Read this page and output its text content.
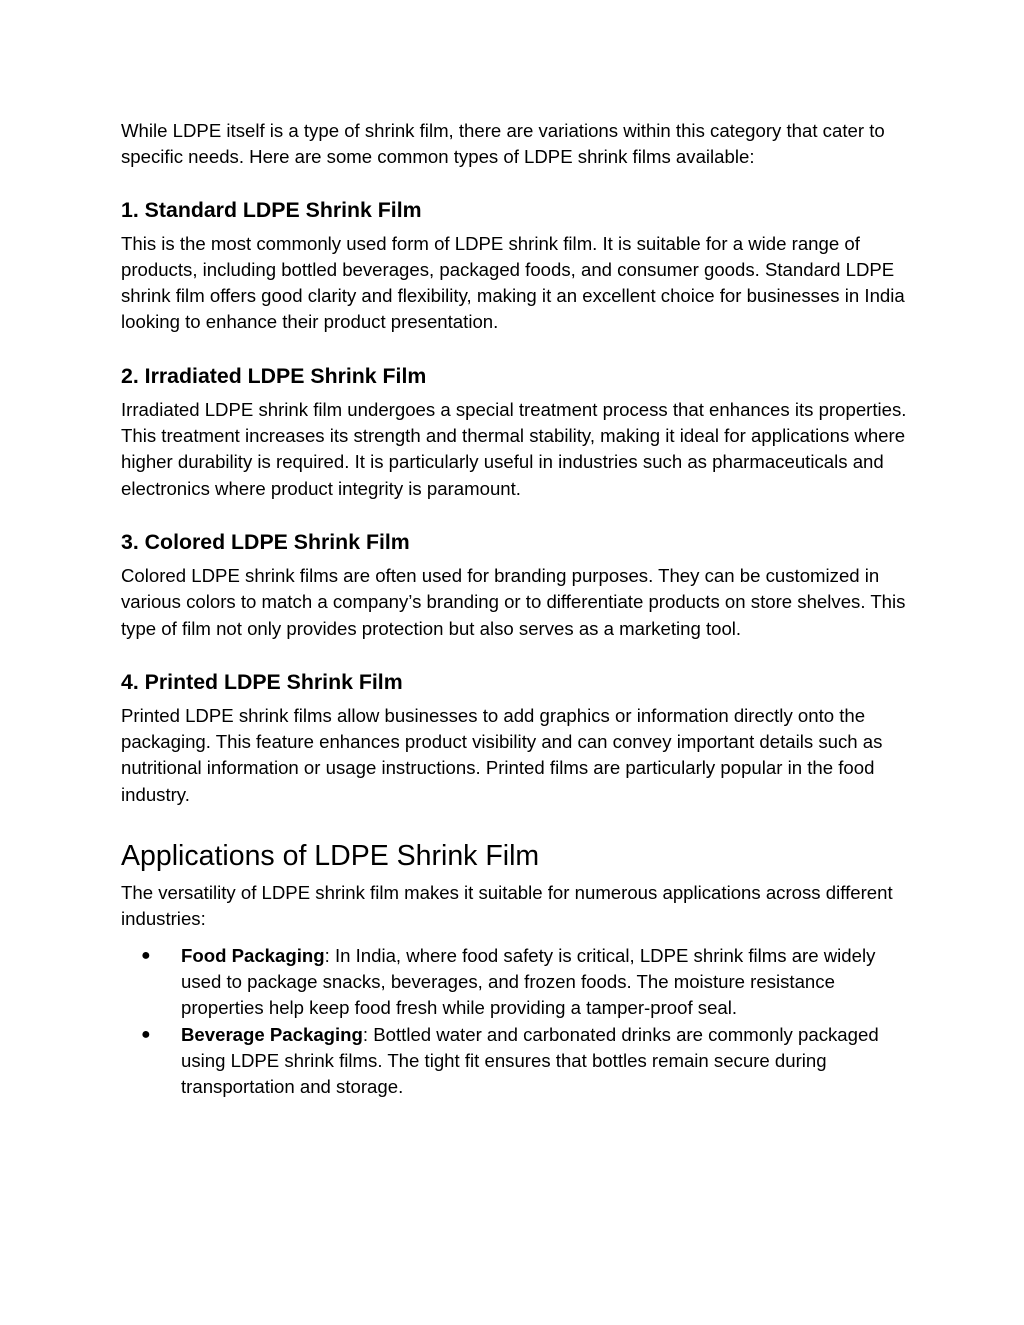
While LDPE itself is a type of shrink film, there are variations within this category that cater to specific needs. Here are some common types of LDPE shrink films available:

1. Standard LDPE Shrink Film

This is the most commonly used form of LDPE shrink film. It is suitable for a wide range of products, including bottled beverages, packaged foods, and consumer goods. Standard LDPE shrink film offers good clarity and flexibility, making it an excellent choice for businesses in India looking to enhance their product presentation.

2. Irradiated LDPE Shrink Film

Irradiated LDPE shrink film undergoes a special treatment process that enhances its properties. This treatment increases its strength and thermal stability, making it ideal for applications where higher durability is required. It is particularly useful in industries such as pharmaceuticals and electronics where product integrity is paramount.

3. Colored LDPE Shrink Film

Colored LDPE shrink films are often used for branding purposes. They can be customized in various colors to match a company’s branding or to differentiate products on store shelves. This type of film not only provides protection but also serves as a marketing tool.

4. Printed LDPE Shrink Film

Printed LDPE shrink films allow businesses to add graphics or information directly onto the packaging. This feature enhances product visibility and can convey important details such as nutritional information or usage instructions. Printed films are particularly popular in the food industry.

Applications of LDPE Shrink Film

The versatility of LDPE shrink film makes it suitable for numerous applications across different industries:

● Food Packaging: In India, where food safety is critical, LDPE shrink films are widely used to package snacks, beverages, and frozen foods. The moisture resistance properties help keep food fresh while providing a tamper-proof seal.
● Beverage Packaging: Bottled water and carbonated drinks are commonly packaged using LDPE shrink films. The tight fit ensures that bottles remain secure during transportation and storage.
